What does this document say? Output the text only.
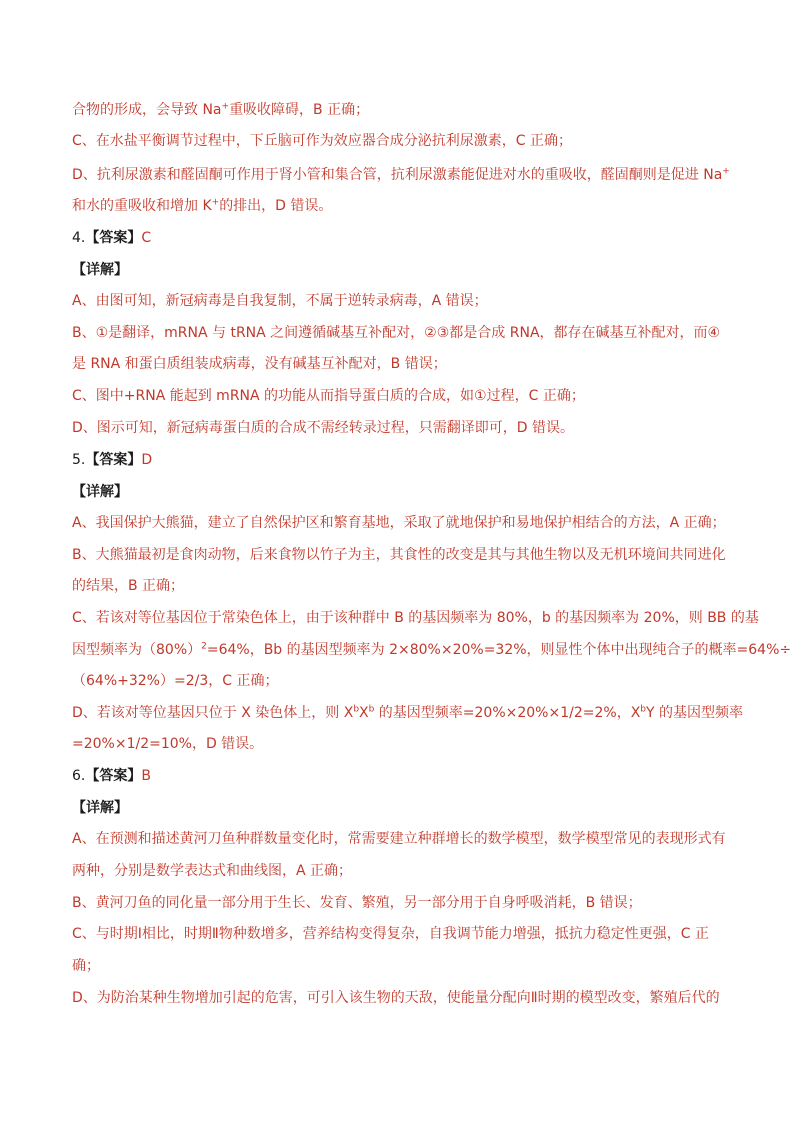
合物的形成，会导致 Na+重吸收障碍，B 正确；
C、在水盐平衡调节过程中，下丘脑可作为效应器合成分泌抗利尿激素，C 正确；
D、抗利尿激素和醛固酮可作用于肾小管和集合管，抗利尿激素能促进对水的重吸收，醛固酮则是促进 Na+
和水的重吸收和增加 K+的排出，D 错误。
4.【答案】C
【详解】
A、由图可知，新冠病毒是自我复制，不属于逆转录病毒，A 错误；
B、①是翻译，mRNA 与 tRNA 之间遵循碱基互补配对，②③都是合成 RNA，都存在碱基互补配对，而④
是 RNA 和蛋白质组装成病毒，没有碱基互补配对，B 错误；
C、图中+RNA 能起到 mRNA 的功能从而指导蛋白质的合成，如①过程，C 正确；
D、图示可知，新冠病毒蛋白质的合成不需经转录过程，只需翻译即可，D 错误。
5.【答案】D
【详解】
A、我国保护大熊猫，建立了自然保护区和繁育基地，采取了就地保护和易地保护相结合的方法，A 正确；
B、大熊猫最初是食肉动物，后来食物以竹子为主，其食性的改变是其与其他生物以及无机环境间共同进化
的结果，B 正确；
C、若该对等位基因位于常染色体上，由于该种群中 B 的基因频率为 80%，b 的基因频率为 20%，则 BB 的基
因型频率为$(80\%)^2=64\%$，Bb 的基因型频率为 2×80%×20%=32%，则显性个体中出现纯合子的概率=64%÷
（64%+32%）=2/3，C 正确；
D、若该对等位基因只位于 X 染色体上，则 $X^bX^b$ 的基因型频率=20%×20%×1/2=2%，$X^bY$ 的基因型频率
=20%×1/2=10%，D 错误。
6.【答案】B
【详解】
A、在预测和描述黄河刀鱼种群数量变化时，常需要建立种群增长的数学模型，数学模型常见的表现形式有
两种，分别是数学表达式和曲线图，A 正确；
B、黄河刀鱼的同化量一部分用于生长、发育、繁殖，另一部分用于自身呼吸消耗，B 错误；
C、与时期Ⅰ相比，时期Ⅱ物种数增多，营养结构变得复杂，自我调节能力增强，抵抗力稳定性更强，C 正
确；
D、为防治某种生物增加引起的危害，可引入该生物的天敌，使能量分配向Ⅱ时期的模型改变，繁殖后代的
